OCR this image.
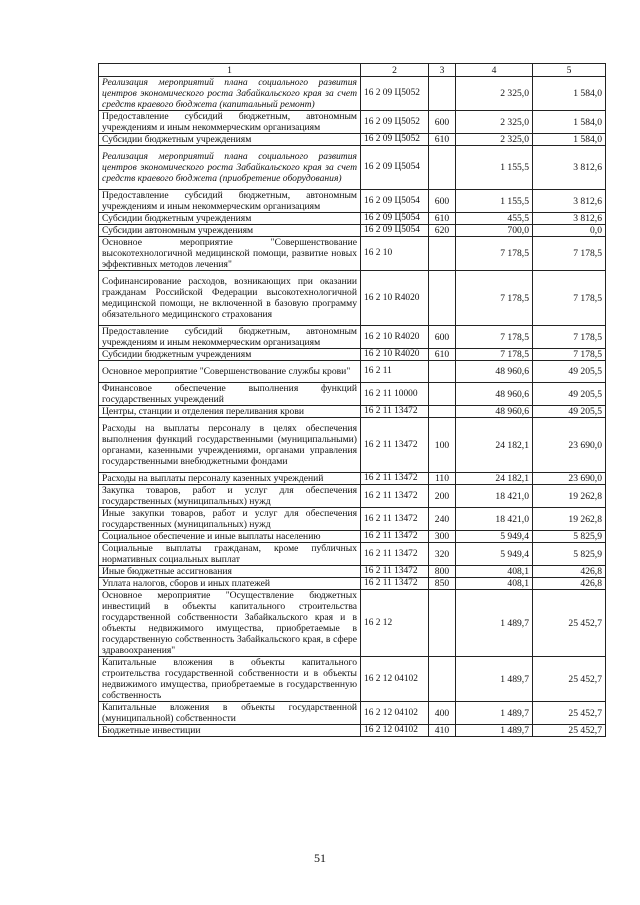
1	2	3	4	5
Реализация мероприятий плана социального развития центров экономического роста Забайкальского края за счет средств краевого бюджета (капитальный ремонт)	16 2 09 Ц5052		2 325,0	1 584,0
Предоставление субсидий бюджетным, автономным учреждениям и иным некоммерческим организациям	16 2 09 Ц5052	600	2 325,0	1 584,0
Субсидии бюджетным учреждениям	16 2 09 Ц5052	610	2 325,0	1 584,0
Реализация мероприятий плана социального развития центров экономического роста Забайкальского края за счет средств краевого бюджета (приобретение оборудования)	16 2 09 Ц5054		1 155,5	3 812,6
Предоставление субсидий бюджетным, автономным учреждениям и иным некоммерческим организациям	16 2 09 Ц5054	600	1 155,5	3 812,6
Субсидии бюджетным учреждениям	16 2 09 Ц5054	610	455,5	3 812,6
Субсидии автономным учреждениям	16 2 09 Ц5054	620	700,0	0,0
Основное мероприятие "Совершенствование высокотехнологичной медицинской помощи, развитие новых эффективных методов лечения"	16 2 10		7 178,5	7 178,5
Софинансирование расходов, возникающих при оказании гражданам Российской Федерации высокотехнологичной медицинской помощи, не включенной в базовую программу обязательного медицинского страхования	16 2 10 R4020		7 178,5	7 178,5
Предоставление субсидий бюджетным, автономным учреждениям и иным некоммерческим организациям	16 2 10 R4020	600	7 178,5	7 178,5
Субсидии бюджетным учреждениям	16 2 10 R4020	610	7 178,5	7 178,5
Основное мероприятие "Совершенствование службы крови"	16 2 11		48 960,6	49 205,5
Финансовое обеспечение выполнения функций государственных учреждений	16 2 11 10000		48 960,6	49 205,5
Центры, станции и отделения переливания крови	16 2 11 13472		48 960,6	49 205,5
Расходы на выплаты персоналу в целях обеспечения выполнения функций государственными (муниципальными) органами, казенными учреждениями, органами управления государственными внебюджетными фондами	16 2 11 13472	100	24 182,1	23 690,0
Расходы на выплаты персоналу казенных учреждений	16 2 11 13472	110	24 182,1	23 690,0
Закупка товаров, работ и услуг для обеспечения государственных (муниципальных) нужд	16 2 11 13472	200	18 421,0	19 262,8
Иные закупки товаров, работ и услуг для обеспечения государственных (муниципальных) нужд	16 2 11 13472	240	18 421,0	19 262,8
Социальное обеспечение и иные выплаты населению	16 2 11 13472	300	5 949,4	5 825,9
Социальные выплаты гражданам, кроме публичных нормативных социальных выплат	16 2 11 13472	320	5 949,4	5 825,9
Иные бюджетные ассигнования	16 2 11 13472	800	408,1	426,8
Уплата налогов, сборов и иных платежей	16 2 11 13472	850	408,1	426,8
Основное мероприятие "Осуществление бюджетных инвестиций в объекты капитального строительства государственной собственности Забайкальского края и в объекты недвижимого имущества, приобретаемые в государственную собственность Забайкальского края, в сфере здравоохранения"	16 2 12		1 489,7	25 452,7
Капитальные вложения в объекты капитального строительства государственной собственности и в объекты недвижимого имущества, приобретаемые в государственную собственность	16 2 12 04102		1 489,7	25 452,7
Капитальные вложения в объекты государственной (муниципальной) собственности	16 2 12 04102	400	1 489,7	25 452,7
Бюджетные инвестиции	16 2 12 04102	410	1 489,7	25 452,7
51
